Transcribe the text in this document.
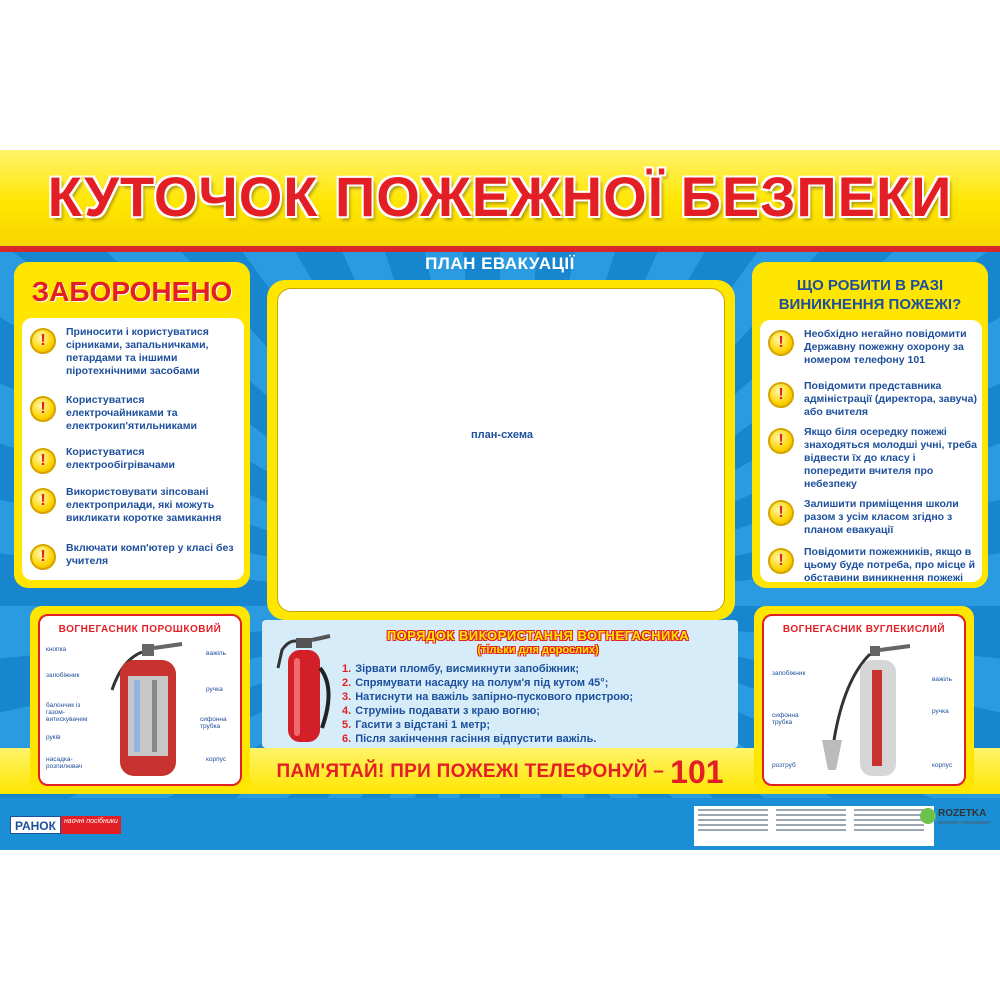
КУТОЧОК ПОЖЕЖНОЇ БЕЗПЕКИ
ЗАБОРОНЕНО
!	Приносити і користуватися сірниками, запальничками, петардами та іншими піротехнічними засобами
!	Користуватися електрочайниками та електрокип'ятильниками
!	Користуватися електрообігрівачами
!	Використовувати зіпсовані електроприлади, які можуть викликати коротке замикання
!	Включати комп'ютер у класі без учителя
ПЛАН ЕВАКУАЦІЇ
план-схема
ЩО РОБИТИ В РАЗІ
ВИНИКНЕННЯ ПОЖЕЖІ?
!	Необхідно негайно повідомити Державну пожежну охорону за номером телефону 101
!	Повідомити представника адміністрації (директора, завуча) або вчителя
!	Якщо біля осередку пожежі знаходяться молодші учні, треба відвести їх до класу і попередити вчителя про небезпеку
!	Залишити приміщення школи разом з усім класом згідно з планом евакуації
!	Повідомити пожежників, якщо в цьому буде потреба, про місце й обставини виникнення пожежі
ПОРЯДОК ВИКОРИСТАННЯ ВОГНЕГАСНИКА
(тільки для дорослих)
1. Зірвати пломбу, висмикнути запобіжник;
2. Спрямувати насадку на полум'я під кутом 45°;
3. Натиснути на важіль запірно-пускового пристрою;
4. Струмінь подавати з краю вогню;
5. Гасити з відстані 1 метр;
6. Після закінчення гасіння відпустити важіль.
ВОГНЕГАСНИК ПОРОШКОВИЙ
кнопка
запобіжник
балончик із газом-витискувачем
руків
насадка-розпилювач
важіль
ручка
сифонна трубка
корпус
ВОГНЕГАСНИК ВУГЛЕКИСЛИЙ
запобіжник
сифонна трубка
розтруб
важіль
ручка
корпус
ПАМ'ЯТАЙ! ПРИ ПОЖЕЖІ ТЕЛЕФОНУЙ – 101
РАНОК	наочні посібники
ROZETKA
интернет-супермаркет
